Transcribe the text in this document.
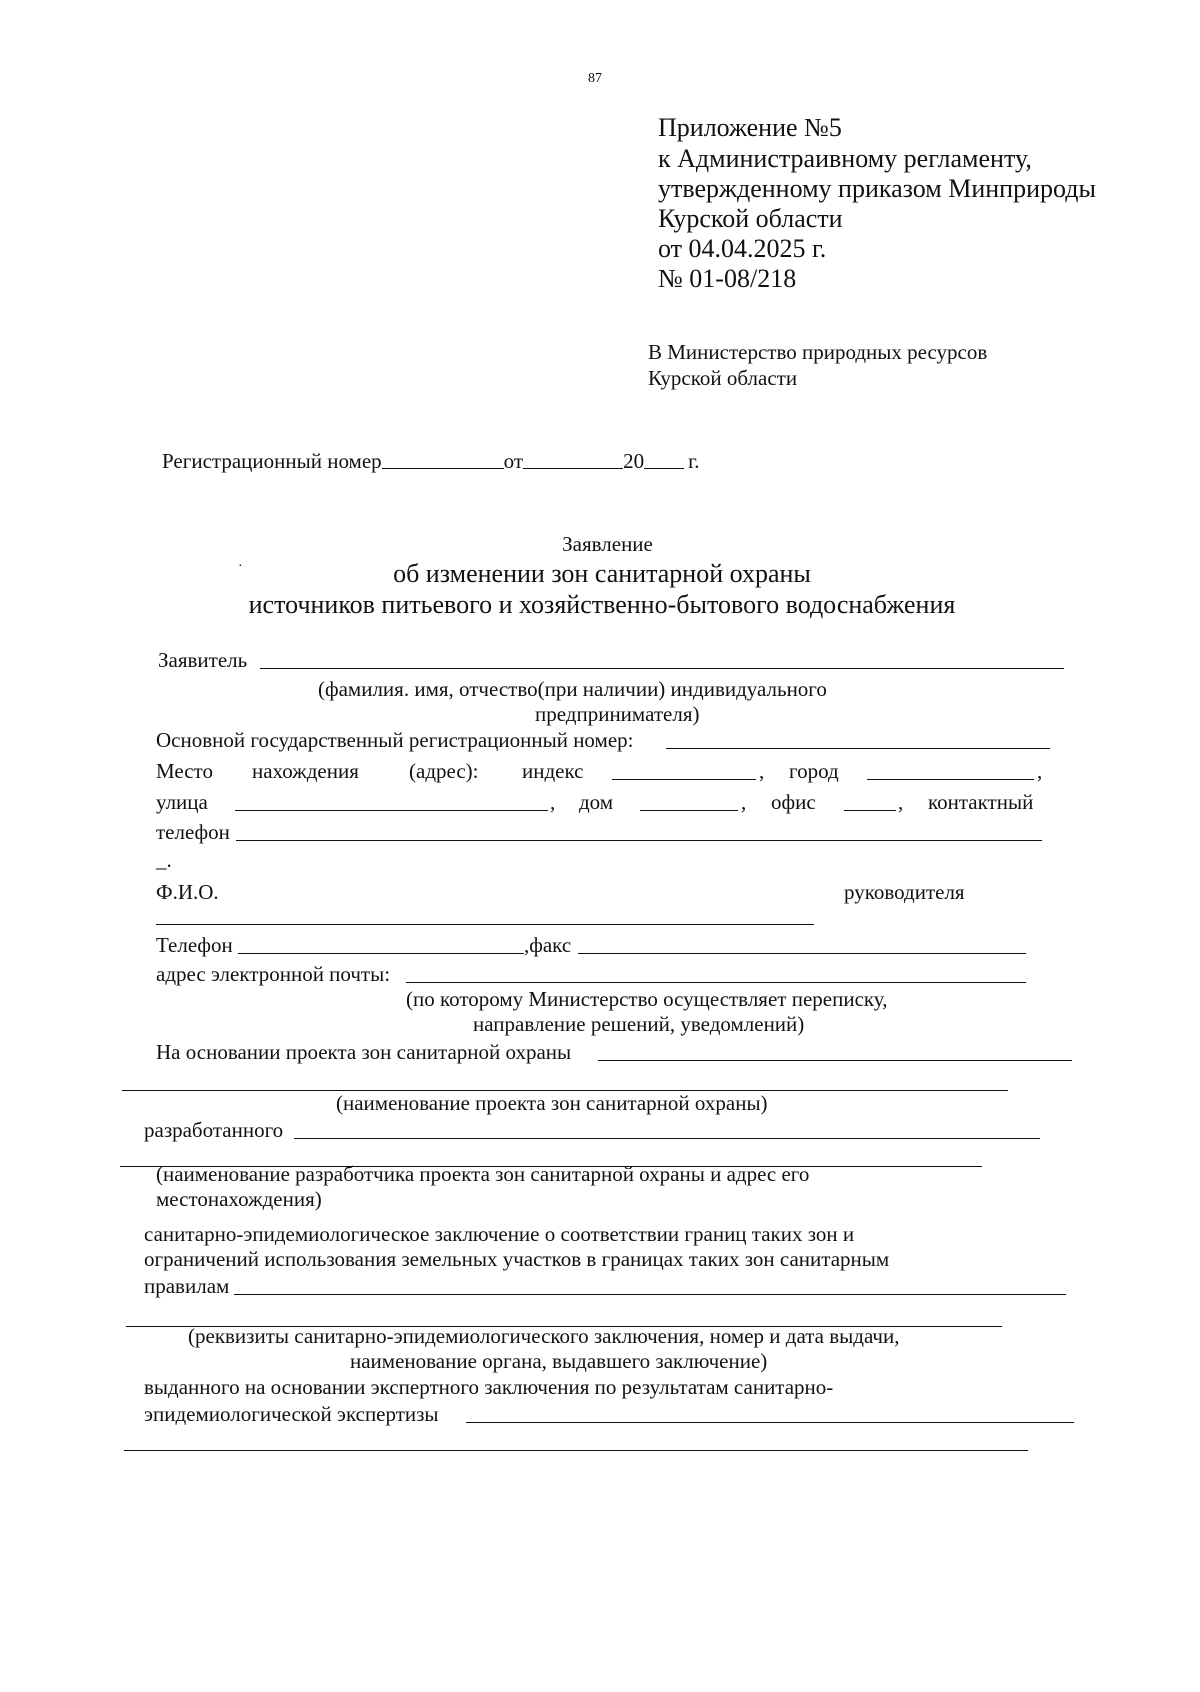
87
Приложение №5
к Администраивному регламенту,
утвержденному приказом Минприроды
Курской области
от 04.04.2025 г.
№ 01-08/218
В Министерство природных ресурсов
Курской области
Регистрационный номер	от	20 г.
Заявление
об изменении зон санитарной охраны
источников питьевого и хозяйственно-бытового водоснабжения
·
Заявитель
(фамилия. имя, отчество(при наличии) индивидуального
предпринимателя)
Основной государственный регистрационный номер:
Место нахождения (адрес): индекс	, город	,
улица	, дом	, офис	, контактный
телефон
_.
Ф.И.О.	руководителя
Телефон	,факс
адрес электронной почты:
(по которому Министерство осуществляет переписку,
направление решений, уведомлений)
На основании проекта зон санитарной охраны
(наименование проекта зон санитарной охраны)
разработанного
(наименование разработчика проекта зон санитарной охраны и адрес его
местонахождения)
санитарно-эпидемиологическое заключение о соответствии границ таких зон и
ограничений использования земельных участков в границах таких зон санитарным
правилам
(реквизиты санитарно-эпидемиологического заключения, номер и дата выдачи,
наименование органа, выдавшего заключение)
выданного на основании экспертного заключения по результатам санитарно-
эпидемиологической экспертизы
